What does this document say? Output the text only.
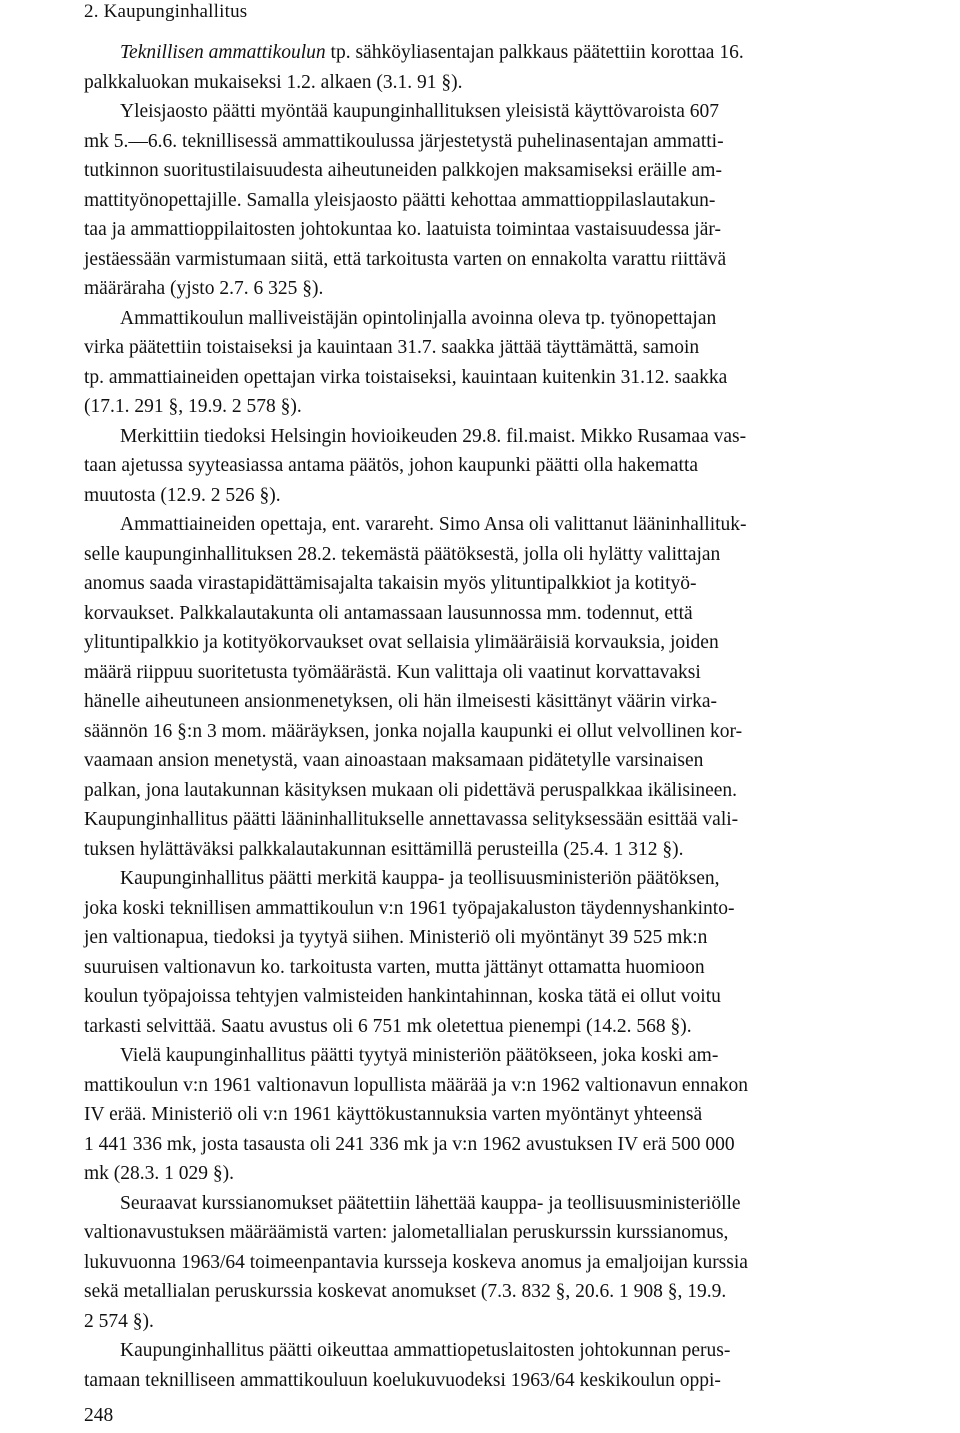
2. Kaupunginhallitus
Teknillisen ammattikoulun tp. sähköyliasentajan palkkaus päätettiin korottaa 16.
palkkaluokan mukaiseksi 1.2. alkaen (3.1. 91 §).
Yleisjaosto päätti myöntää kaupunginhallituksen yleisistä käyttövaroista 607
mk 5.—6.6. teknillisessä ammattikoulussa järjestetystä puhelinasentajan ammatti-
tutkinnon suoritustilaisuudesta aiheutuneiden palkkojen maksamiseksi eräille am-
mattityönopettajille. Samalla yleisjaosto päätti kehottaa ammattioppilaslautakun-
taa ja ammattioppilaitosten johtokuntaa ko. laatuista toimintaa vastaisuudessa jär-
jestäessään varmistumaan siitä, että tarkoitusta varten on ennakolta varattu riittävä
määräraha (yjsto 2.7. 6 325 §).
Ammattikoulun malliveistäjän opintolinjalla avoinna oleva tp. työnopettajan
virka päätettiin toistaiseksi ja kauintaan 31.7. saakka jättää täyttämättä, samoin
tp. ammattiaineiden opettajan virka toistaiseksi, kauintaan kuitenkin 31.12. saakka
(17.1. 291 §, 19.9. 2 578 §).
Merkittiin tiedoksi Helsingin hovioikeuden 29.8. fil.maist. Mikko Rusamaa vas-
taan ajetussa syyteasiassa antama päätös, johon kaupunki päätti olla hakematta
muutosta (12.9. 2 526 §).
Ammattiaineiden opettaja, ent. varareht. Simo Ansa oli valittanut lääninhallituk-
selle kaupunginhallituksen 28.2. tekemästä päätöksestä, jolla oli hylätty valittajan
anomus saada virastapidättämisajalta takaisin myös ylituntipalkkiot ja kotityö-
korvaukset. Palkkalautakunta oli antamassaan lausunnossa mm. todennut, että
ylituntipalkkio ja kotityökorvaukset ovat sellaisia ylimääräisiä korvauksia, joiden
määrä riippuu suoritetusta työmäärästä. Kun valittaja oli vaatinut korvattavaksi
hänelle aiheutuneen ansionmenetyksen, oli hän ilmeisesti käsittänyt väärin virka-
säännön 16 §:n 3 mom. määräyksen, jonka nojalla kaupunki ei ollut velvollinen kor-
vaamaan ansion menetystä, vaan ainoastaan maksamaan pidätetylle varsinaisen
palkan, jona lautakunnan käsityksen mukaan oli pidettävä peruspalkkaa ikälisineen.
Kaupunginhallitus päätti lääninhallitukselle annettavassa selityksessään esittää vali-
tuksen hylättäväksi palkkalautakunnan esittämillä perusteilla (25.4. 1 312 §).
Kaupunginhallitus päätti merkitä kauppa- ja teollisuusministeriön päätöksen,
joka koski teknillisen ammattikoulun v:n 1961 työpajakaluston täydennyshankinto-
jen valtionapua, tiedoksi ja tyytyä siihen. Ministeriö oli myöntänyt 39 525 mk:n
suuruisen valtionavun ko. tarkoitusta varten, mutta jättänyt ottamatta huomioon
koulun työpajoissa tehtyjen valmisteiden hankintahinnan, koska tätä ei ollut voitu
tarkasti selvittää. Saatu avustus oli 6 751 mk oletettua pienempi (14.2. 568 §).
Vielä kaupunginhallitus päätti tyytyä ministeriön päätökseen, joka koski am-
mattikoulun v:n 1961 valtionavun lopullista määrää ja v:n 1962 valtionavun ennakon
IV erää. Ministeriö oli v:n 1961 käyttökustannuksia varten myöntänyt yhteensä
1 441 336 mk, josta tasausta oli 241 336 mk ja v:n 1962 avustuksen IV erä 500 000
mk (28.3. 1 029 §).
Seuraavat kurssianomukset päätettiin lähettää kauppa- ja teollisuusministeriölle
valtionavustuksen määräämistä varten: jalometallialan peruskurssin kurssianomus,
lukuvuonna 1963/64 toimeenpantavia kursseja koskeva anomus ja emaljoijan kurssia
sekä metallialan peruskurssia koskevat anomukset (7.3. 832 §, 20.6. 1 908 §, 19.9.
2 574 §).
Kaupunginhallitus päätti oikeuttaa ammattiopetuslaitosten johtokunnan perus-
tamaan teknilliseen ammattikouluun koelukuvuodeksi 1963/64 keskikoulun oppi-
248
